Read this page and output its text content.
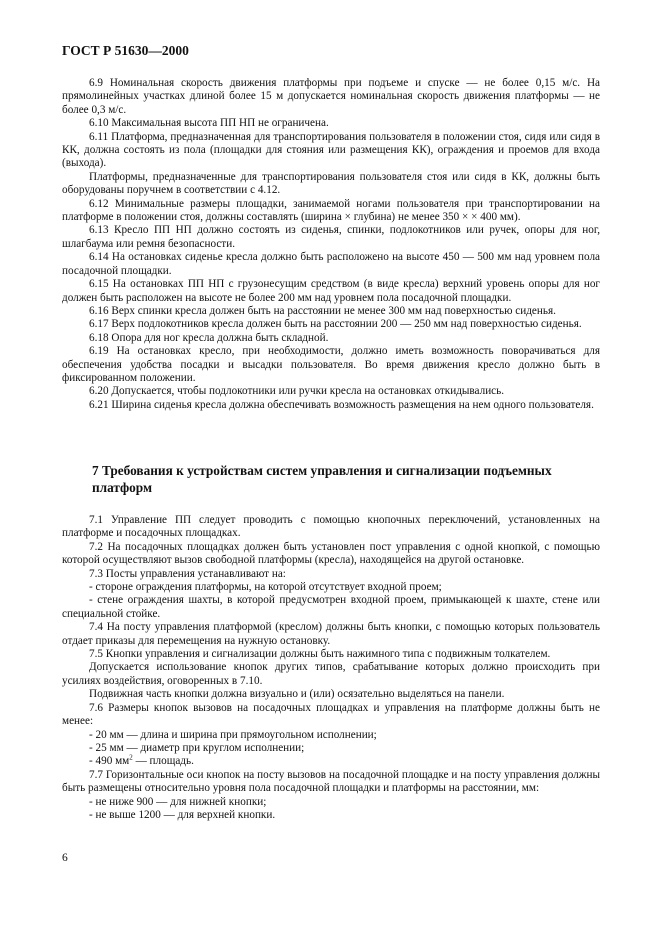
ГОСТ Р 51630—2000

6.9 Номинальная скорость движения платформы при подъеме и спуске — не более 0,15 м/с. На прямолинейных участках длиной более 15 м допускается номинальная скорость движения платформы — не более 0,3 м/с.

6.10 Максимальная высота ПП НП не ограничена.

6.11 Платформа, предназначенная для транспортирования пользователя в положении стоя, сидя или сидя в КК, должна состоять из пола (площадки для стояния или размещения КК), ограждения и проемов для входа (выхода).

Платформы, предназначенные для транспортирования пользователя стоя или сидя в КК, должны быть оборудованы поручнем в соответствии с 4.12.

6.12 Минимальные размеры площадки, занимаемой ногами пользователя при транспортировании на платформе в положении стоя, должны составлять (ширина × глубина) не менее 350 × × 400 мм).

6.13 Кресло ПП НП должно состоять из сиденья, спинки, подлокотников или ручек, опоры для ног, шлагбаума или ремня безопасности.

6.14 На остановках сиденье кресла должно быть расположено на высоте 450 — 500 мм над уровнем пола посадочной площадки.

6.15 На остановках ПП НП с грузонесущим средством (в виде кресла) верхний уровень опоры для ног должен быть расположен на высоте не более 200 мм над уровнем пола посадочной площадки.

6.16 Верх спинки кресла должен быть на расстоянии не менее 300 мм над поверхностью сиденья.

6.17 Верх подлокотников кресла должен быть на расстоянии 200 — 250 мм над поверхностью сиденья.

6.18 Опора для ног кресла должна быть складной.

6.19 На остановках кресло, при необходимости, должно иметь возможность поворачиваться для обеспечения удобства посадки и высадки пользователя. Во время движения кресло должно быть в фиксированном положении.

6.20 Допускается, чтобы подлокотники или ручки кресла на остановках откидывались.

6.21 Ширина сиденья кресла должна обеспечивать возможность размещения на нем одного пользователя.

7 Требования к устройствам систем управления и сигнализации подъемных платформ

7.1 Управление ПП следует проводить с помощью кнопочных переключений, установленных на платформе и посадочных площадках.

7.2 На посадочных площадках должен быть установлен пост управления с одной кнопкой, с помощью которой осуществляют вызов свободной платформы (кресла), находящейся на другой остановке.

7.3 Посты управления устанавливают на:

- стороне ограждения платформы, на которой отсутствует входной проем;

- стене ограждения шахты, в которой предусмотрен входной проем, примыкающей к шахте, стене или специальной стойке.

7.4 На посту управления платформой (креслом) должны быть кнопки, с помощью которых пользователь отдает приказы для перемещения на нужную остановку.

7.5 Кнопки управления и сигнализации должны быть нажимного типа с подвижным толкателем.

Допускается использование кнопок других типов, срабатывание которых должно происходить при усилиях воздействия, оговоренных в 7.10.

Подвижная часть кнопки должна визуально и (или) осязательно выделяться на панели.

7.6 Размеры кнопок вызовов на посадочных площадках и управления на платформе должны быть не менее:

- 20 мм — длина и ширина при прямоугольном исполнении;

- 25 мм — диаметр при круглом исполнении;

- 490 $мм^2$ — площадь.

7.7 Горизонтальные оси кнопок на посту вызовов на посадочной площадке и на посту управления должны быть размещены относительно уровня пола посадочной площадки и платформы на расстоянии, мм:

- не ниже 900 — для нижней кнопки;

- не выше 1200 — для верхней кнопки.

6
